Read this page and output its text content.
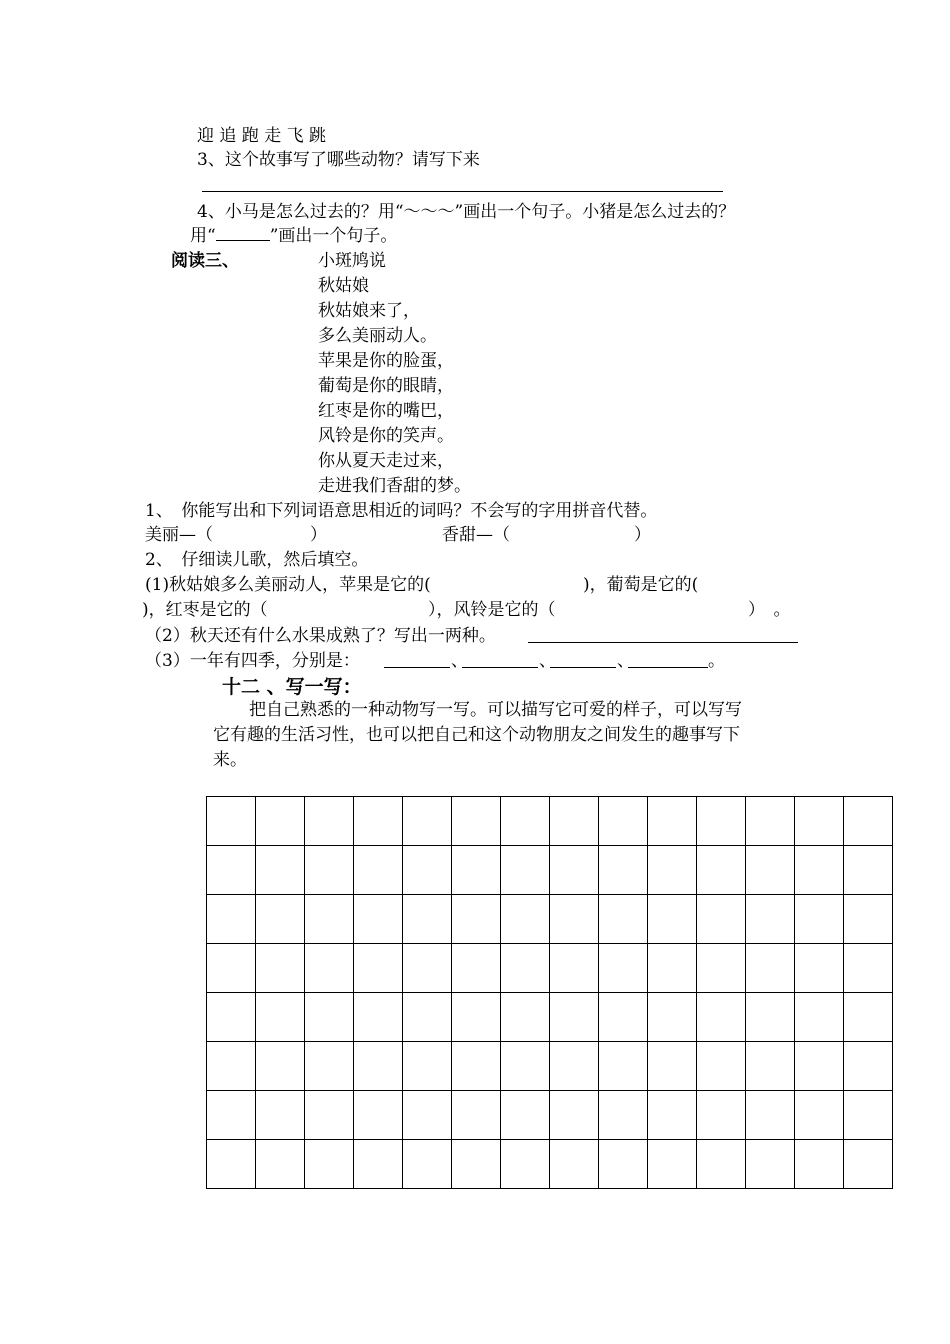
迎 追 跑 走 飞 跳
3、这个故事写了哪些动物？请写下来
4、小马是怎么过去的？用“～～～”画出一个句子。小猪是怎么过去的？
用“	”画出一个句子。
阅读三、	小斑鸠说
秋姑娘
秋姑娘来了，
多么美丽动人。
苹果是你的脸蛋，
葡萄是你的眼睛，
红枣是你的嘴巴，
风铃是你的笑声。
你从夏天走过来，
走进我们香甜的梦。
1、　你能写出和下列词语意思相近的词吗？不会写的字用拼音代替。
美丽—（	）	香甜—（	）
2、　仔细读儿歌，然后填空。
(1)秋姑娘多么美丽动人，苹果是它的(	)，葡萄是它的(
)，红枣是它的（	），风铃是它的（	）　。
（2）秋天还有什么水果成熟了？写出一两种。
（3）一年有四季，分别是：	、	、	、	。
十二 、写一写：
把自己熟悉的一种动物写一写。可以描写它可爱的样子，可以写写
它有趣的生活习性，也可以把自己和这个动物朋友之间发生的趣事写下
来。
